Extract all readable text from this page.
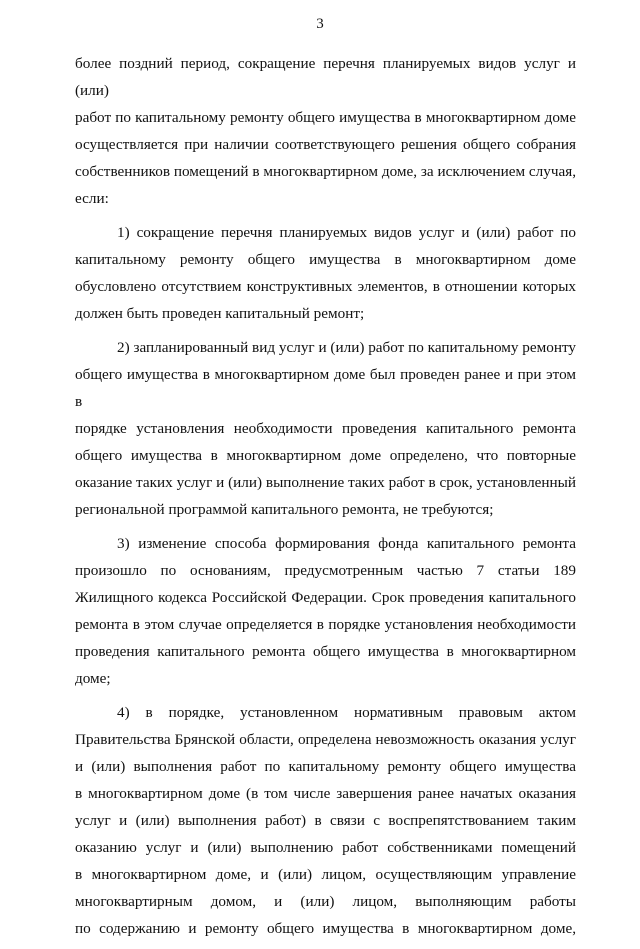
3

более поздний период, сокращение перечня планируемых видов услуг и (или)
работ по капитальному ремонту общего имущества в многоквартирном доме
осуществляется при наличии соответствующего решения общего собрания
собственников помещений в многоквартирном доме, за исключением случая,
если:

1) сокращение перечня планируемых видов услуг и (или) работ по
капитальному ремонту общего имущества в многоквартирном доме
обусловлено отсутствием конструктивных элементов, в отношении которых
должен быть проведен капитальный ремонт;

2) запланированный вид услуг и (или) работ по капитальному ремонту
общего имущества в многоквартирном доме был проведен ранее и при этом в
порядке установления необходимости проведения капитального ремонта
общего имущества в многоквартирном доме определено, что повторные
оказание таких услуг и (или) выполнение таких работ в срок, установленный
региональной программой капитального ремонта, не требуются;

3) изменение способа формирования фонда капитального ремонта
произошло по основаниям, предусмотренным частью 7 статьи 189
Жилищного кодекса Российской Федерации. Срок проведения капитального
ремонта в этом случае определяется в порядке установления необходимости
проведения капитального ремонта общего имущества в многоквартирном
доме;

4) в порядке, установленном нормативным правовым актом
Правительства Брянской области, определена невозможность оказания услуг
и (или) выполнения работ по капитальному ремонту общего имущества
в многоквартирном доме (в том числе завершения ранее начатых оказания
услуг и (или) выполнения работ) в связи с воспрепятствованием таким
оказанию услуг и (или) выполнению работ собственниками помещений
в многоквартирном доме, и (или) лицом, осуществляющим управление
многоквартирным домом, и (или) лицом, выполняющим работы
по содержанию и ремонту общего имущества в многоквартирном доме,
